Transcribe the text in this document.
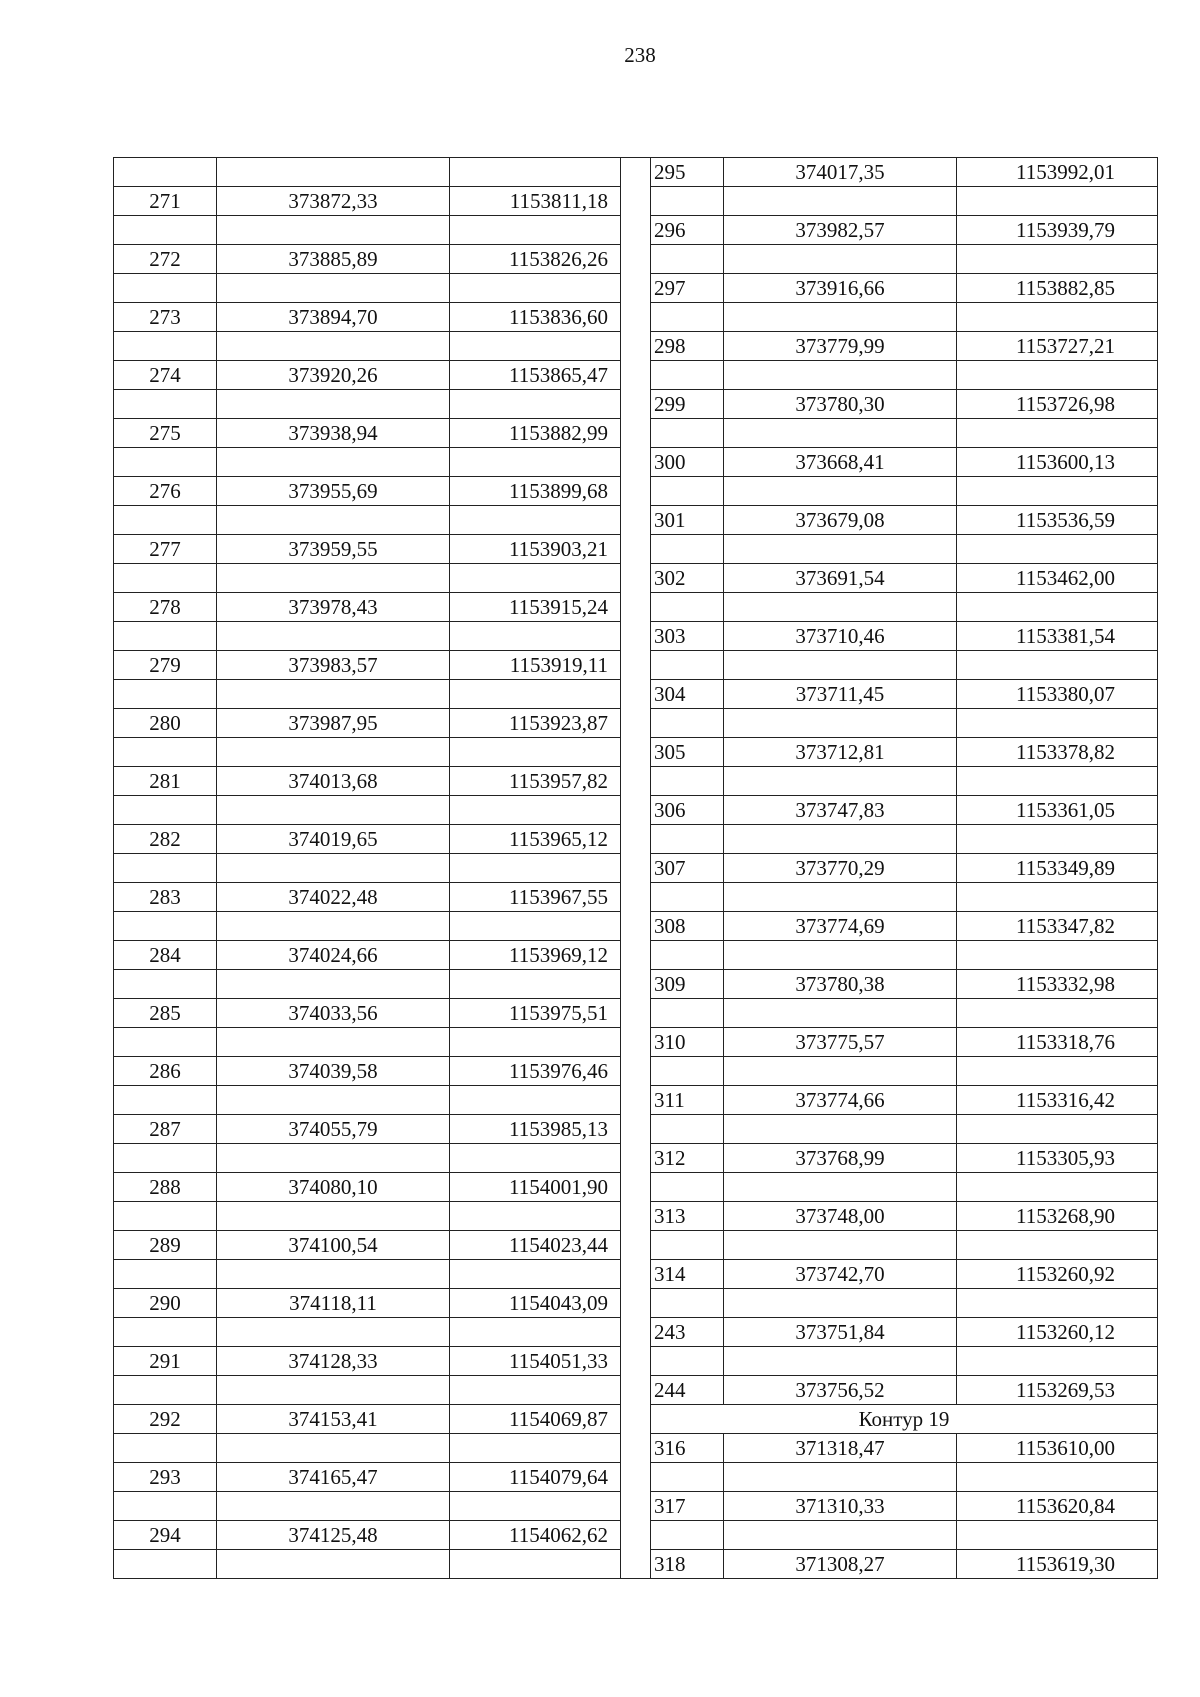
238

271	373872,33	1153811,18

272	373885,89	1153826,26

273	373894,70	1153836,60

274	373920,26	1153865,47

275	373938,94	1153882,99

276	373955,69	1153899,68

277	373959,55	1153903,21

278	373978,43	1153915,24

279	373983,57	1153919,11

280	373987,95	1153923,87

281	374013,68	1153957,82

282	374019,65	1153965,12

283	374022,48	1153967,55

284	374024,66	1153969,12

285	374033,56	1153975,51

286	374039,58	1153976,46

287	374055,79	1153985,13

288	374080,10	1154001,90

289	374100,54	1154023,44

290	374118,11	1154043,09

291	374128,33	1154051,33

292	374153,41	1154069,87

293	374165,47	1154079,64

294	374125,48	1154062,62

295	374017,35	1153992,01

296	373982,57	1153939,79

297	373916,66	1153882,85

298	373779,99	1153727,21

299	373780,30	1153726,98

300	373668,41	1153600,13

301	373679,08	1153536,59

302	373691,54	1153462,00

303	373710,46	1153381,54

304	373711,45	1153380,07

305	373712,81	1153378,82

306	373747,83	1153361,05

307	373770,29	1153349,89

308	373774,69	1153347,82

309	373780,38	1153332,98

310	373775,57	1153318,76

311	373774,66	1153316,42

312	373768,99	1153305,93

313	373748,00	1153268,90

314	373742,70	1153260,92

243	373751,84	1153260,12

244	373756,52	1153269,53
Контур 19		
316	371318,47	1153610,00

317	371310,33	1153620,84

318	371308,27	1153619,30
